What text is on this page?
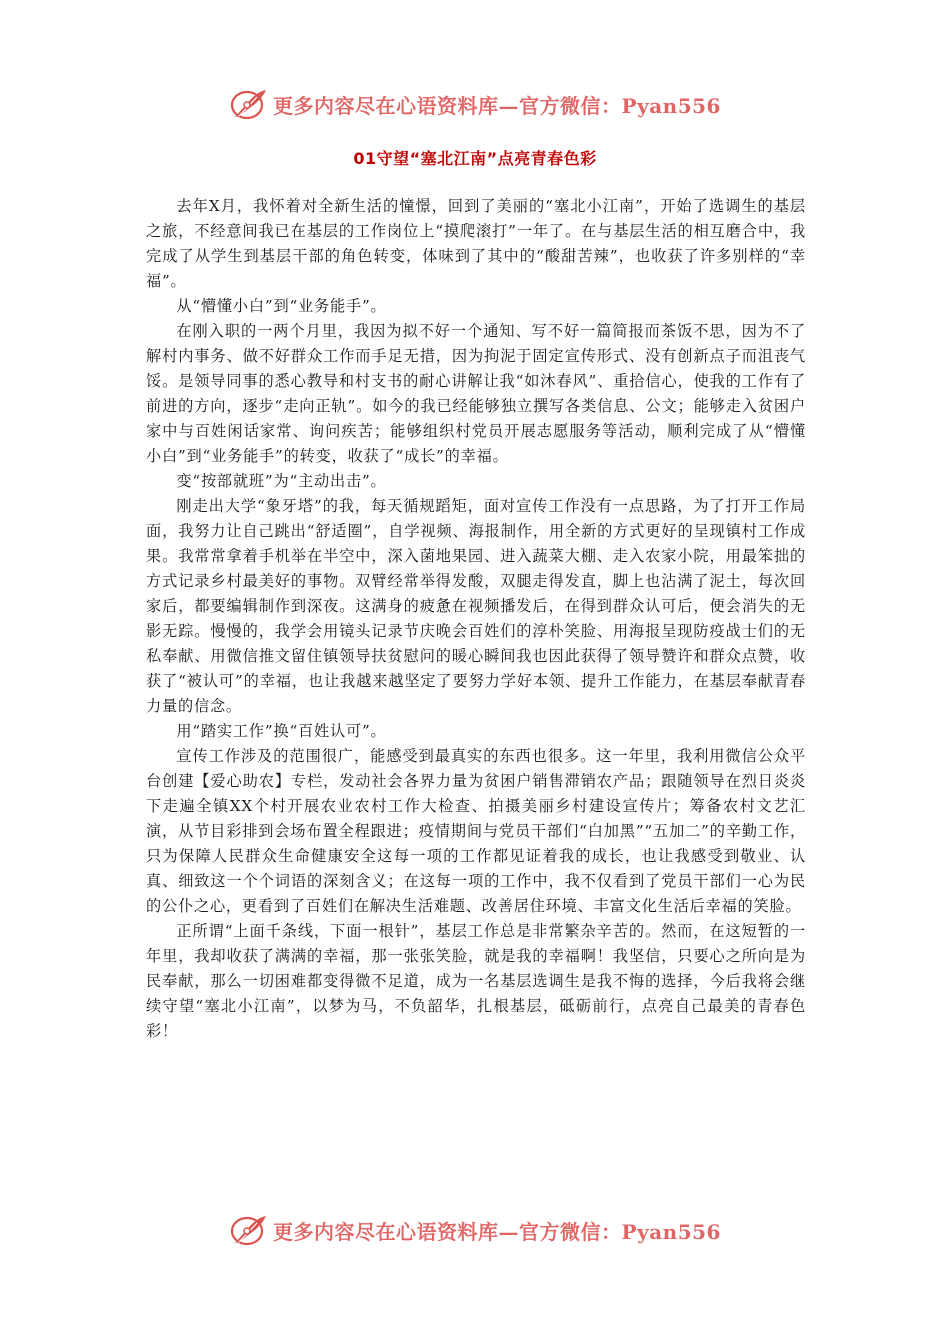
更多内容尽在心语资料库—官方微信：Pyan556
01守望“塞北江南”点亮青春色彩

去年X月，我怀着对全新生活的憧憬，回到了美丽的“塞北小江南”，开始了选调生的基层之旅，不经意间我已在基层的工作岗位上“摸爬滚打”一年了。在与基层生活的相互磨合中，我完成了从学生到基层干部的角色转变，体味到了其中的“酸甜苦辣”，也收获了许多别样的“幸福”。

从“懵懂小白”到“业务能手”。

在刚入职的一两个月里，我因为拟不好一个通知、写不好一篇简报而茶饭不思，因为不了解村内事务、做不好群众工作而手足无措，因为拘泥于固定宣传形式、没有创新点子而沮丧气馁。是领导同事的悉心教导和村支书的耐心讲解让我“如沐春风”、重拾信心，使我的工作有了前进的方向，逐步“走向正轨”。如今的我已经能够独立撰写各类信息、公文；能够走入贫困户家中与百姓闲话家常、询问疾苦；能够组织村党员开展志愿服务等活动，顺利完成了从“懵懂小白”到“业务能手”的转变，收获了“成长”的幸福。

变“按部就班”为“主动出击”。

刚走出大学“象牙塔”的我，每天循规蹈矩，面对宣传工作没有一点思路，为了打开工作局面，我努力让自己跳出“舒适圈”，自学视频、海报制作，用全新的方式更好的呈现镇村工作成果。我常常拿着手机举在半空中，深入菌地果园、进入蔬菜大棚、走入农家小院，用最笨拙的方式记录乡村最美好的事物。双臂经常举得发酸，双腿走得发直，脚上也沾满了泥土，每次回家后，都要编辑制作到深夜。这满身的疲惫在视频播发后，在得到群众认可后，便会消失的无影无踪。慢慢的，我学会用镜头记录节庆晚会百姓们的淳朴笑脸、用海报呈现防疫战士们的无私奉献、用微信推文留住镇领导扶贫慰问的暖心瞬间我也因此获得了领导赞许和群众点赞，收获了“被认可”的幸福，也让我越来越坚定了要努力学好本领、提升工作能力，在基层奉献青春力量的信念。

用“踏实工作”换“百姓认可”。

宣传工作涉及的范围很广，能感受到最真实的东西也很多。这一年里，我利用微信公众平台创建【爱心助农】专栏，发动社会各界力量为贫困户销售滞销农产品；跟随领导在烈日炎炎下走遍全镇XX个村开展农业农村工作大检查、拍摄美丽乡村建设宣传片；筹备农村文艺汇演，从节目彩排到会场布置全程跟进；疫情期间与党员干部们“白加黑”“五加二”的辛勤工作，只为保障人民群众生命健康安全这每一项的工作都见证着我的成长，也让我感受到敬业、认真、细致这一个个词语的深刻含义；在这每一项的工作中，我不仅看到了党员干部们一心为民的公仆之心，更看到了百姓们在解决生活难题、改善居住环境、丰富文化生活后幸福的笑脸。

正所谓“上面千条线，下面一根针”，基层工作总是非常繁杂辛苦的。然而，在这短暂的一年里，我却收获了满满的幸福，那一张张笑脸，就是我的幸福啊！我坚信，只要心之所向是为民奉献，那么一切困难都变得微不足道，成为一名基层选调生是我不悔的选择，今后我将会继续守望“塞北小江南”，以梦为马，不负韶华，扎根基层，砥砺前行，点亮自己最美的青春色彩！

更多内容尽在心语资料库—官方微信：Pyan556
